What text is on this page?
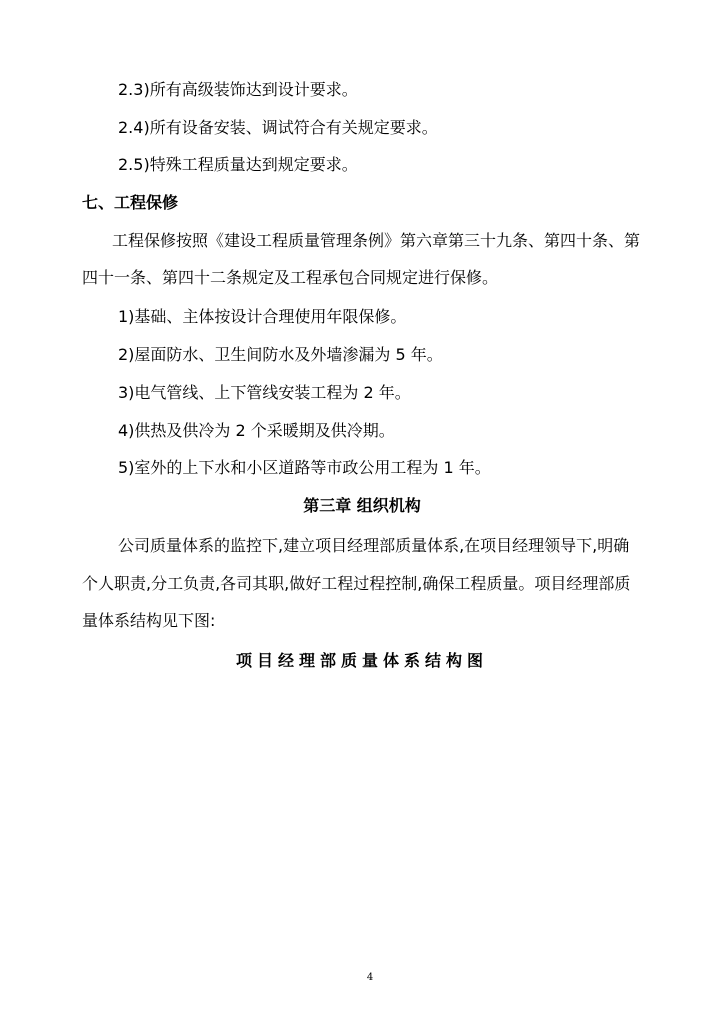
2.3)所有高级装饰达到设计要求。
2.4)所有设备安装、调试符合有关规定要求。
2.5)特殊工程质量达到规定要求。
七、工程保修
工程保修按照《建设工程质量管理条例》第六章第三十九条、第四十条、第
四十一条、第四十二条规定及工程承包合同规定进行保修。
1)基础、主体按设计合理使用年限保修。
2)屋面防水、卫生间防水及外墙渗漏为 5 年。
3)电气管线、上下管线安装工程为 2 年。
4)供热及供冷为 2 个采暖期及供冷期。
5)室外的上下水和小区道路等市政公用工程为 1 年。
第三章 组织机构
公司质量体系的监控下,建立项目经理部质量体系,在项目经理领导下,明确
个人职责,分工负责,各司其职,做好工程过程控制,确保工程质量。项目经理部质
量体系结构见下图:
项目经理部质量体系结构图
4
